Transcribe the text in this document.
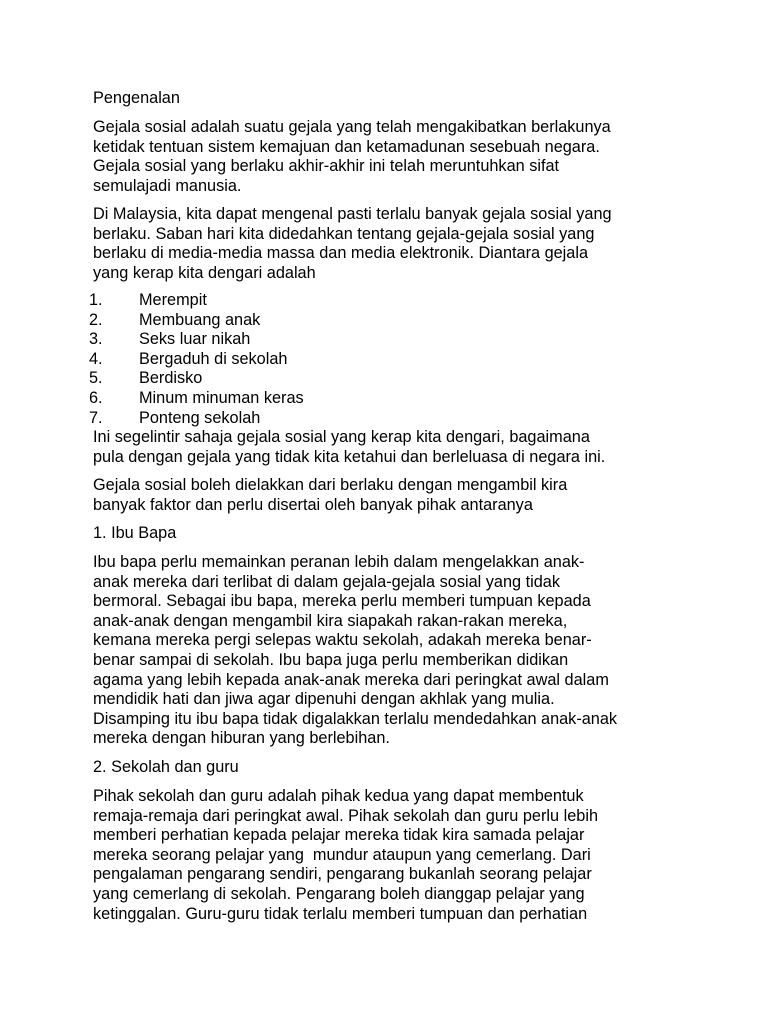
Pengenalan
Gejala sosial adalah suatu gejala yang telah mengakibatkan berlakunya
ketidak tentuan sistem kemajuan dan ketamadunan sesebuah negara.
Gejala sosial yang berlaku akhir-akhir ini telah meruntuhkan sifat
semulajadi manusia.
Di Malaysia, kita dapat mengenal pasti terlalu banyak gejala sosial yang
berlaku. Saban hari kita didedahkan tentang gejala-gejala sosial yang
berlaku di media-media massa dan media elektronik. Diantara gejala
yang kerap kita dengari adalah
1. Merempit
2. Membuang anak
3. Seks luar nikah
4. Bergaduh di sekolah
5. Berdisko
6. Minum minuman keras
7. Ponteng sekolah
Ini segelintir sahaja gejala sosial yang kerap kita dengari, bagaimana
pula dengan gejala yang tidak kita ketahui dan berleluasa di negara ini.
Gejala sosial boleh dielakkan dari berlaku dengan mengambil kira
banyak faktor dan perlu disertai oleh banyak pihak antaranya
1. Ibu Bapa
Ibu bapa perlu memainkan peranan lebih dalam mengelakkan anak-
anak mereka dari terlibat di dalam gejala-gejala sosial yang tidak
bermoral. Sebagai ibu bapa, mereka perlu memberi tumpuan kepada
anak-anak dengan mengambil kira siapakah rakan-rakan mereka,
kemana mereka pergi selepas waktu sekolah, adakah mereka benar-
benar sampai di sekolah. Ibu bapa juga perlu memberikan didikan
agama yang lebih kepada anak-anak mereka dari peringkat awal dalam
mendidik hati dan jiwa agar dipenuhi dengan akhlak yang mulia.
Disamping itu ibu bapa tidak digalakkan terlalu mendedahkan anak-anak
mereka dengan hiburan yang berlebihan.
2. Sekolah dan guru
Pihak sekolah dan guru adalah pihak kedua yang dapat membentuk
remaja-remaja dari peringkat awal. Pihak sekolah dan guru perlu lebih
memberi perhatian kepada pelajar mereka tidak kira samada pelajar
mereka seorang pelajar yang  mundur ataupun yang cemerlang. Dari
pengalaman pengarang sendiri, pengarang bukanlah seorang pelajar
yang cemerlang di sekolah. Pengarang boleh dianggap pelajar yang
ketinggalan. Guru-guru tidak terlalu memberi tumpuan dan perhatian
